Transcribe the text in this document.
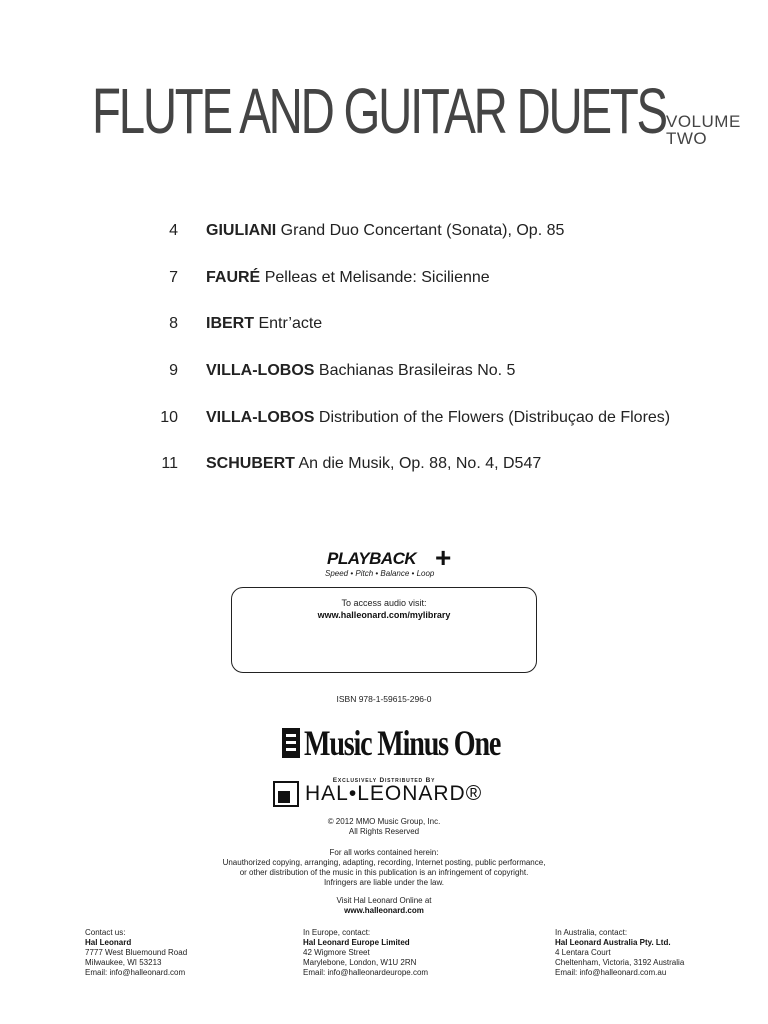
FLUTE AND GUITAR DUETS VOLUME
TWO
4 GIULIANI Grand Duo Concertant (Sonata), Op. 85
7 FAURÉ Pelleas et Melisande: Sicilienne
8 IBERT Entr’acte
9 VILLA-LOBOS Bachianas Brasileiras No. 5
10 VILLA-LOBOS Distribution of the Flowers (Distribuçao de Flores)
11 SCHUBERT An die Musik, Op. 88, No. 4, D547
PLAYBACK +
Speed • Pitch • Balance • Loop
To access audio visit:
www.halleonard.com/mylibrary
ISBN 978-1-59615-296-0
Music Minus One
Exclusively Distributed By
HAL•LEONARD®
© 2012 MMO Music Group, Inc.
All Rights Reserved
For all works contained herein:
Unauthorized copying, arranging, adapting, recording, Internet posting, public performance,
or other distribution of the music in this publication is an infringement of copyright.
Infringers are liable under the law.
Visit Hal Leonard Online at
www.halleonard.com
Contact us:
Hal Leonard
7777 West Bluemound Road
Milwaukee, WI 53213
Email: info@halleonard.com
In Europe, contact:
Hal Leonard Europe Limited
42 Wigmore Street
Marylebone, London, W1U 2RN
Email: info@halleonardeurope.com
In Australia, contact:
Hal Leonard Australia Pty. Ltd.
4 Lentara Court
Cheltenham, Victoria, 3192 Australia
Email: info@halleonard.com.au
